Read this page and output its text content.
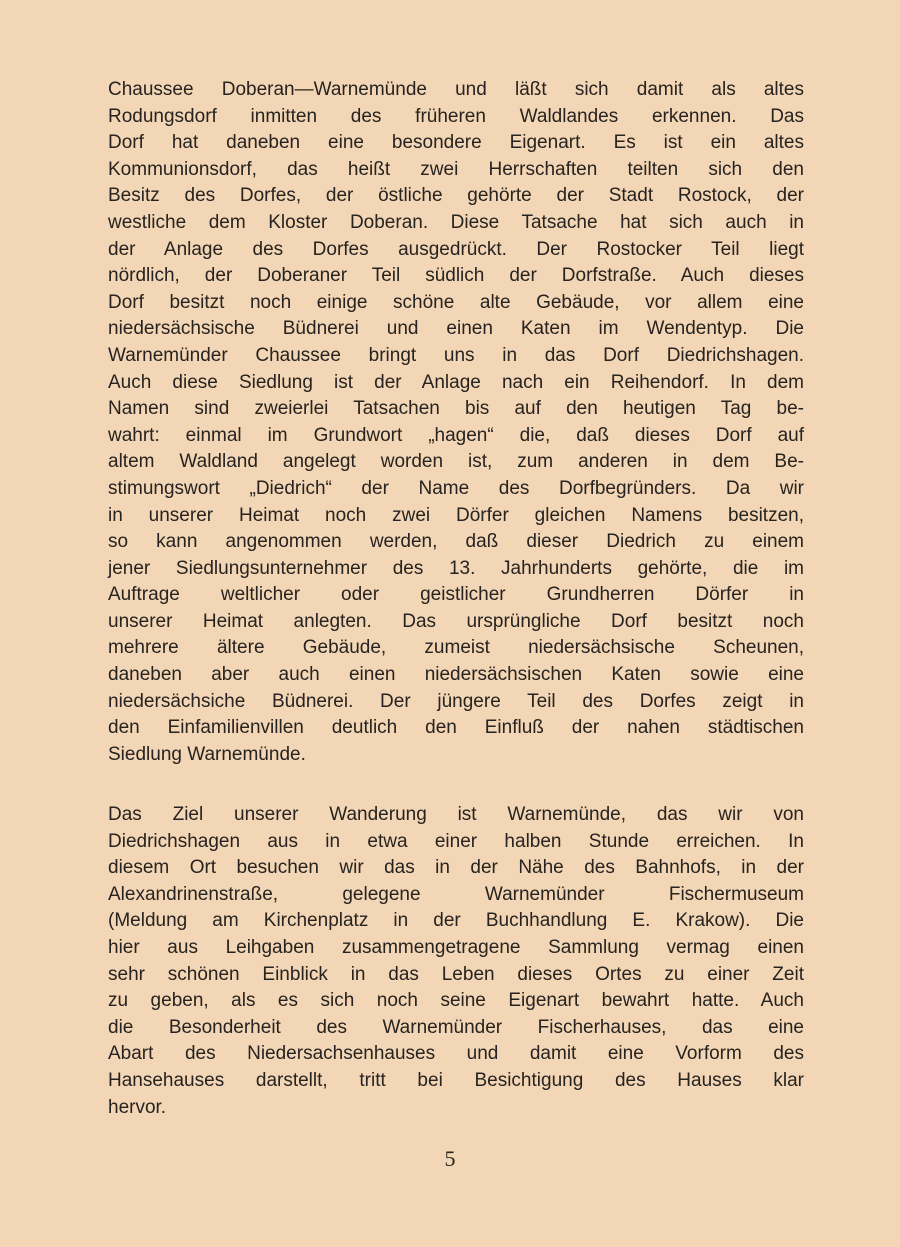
Chaussee Doberan—Warnemünde und läßt sich damit als altes
Rodungsdorf inmitten des früheren Waldlandes erkennen. Das
Dorf hat daneben eine besondere Eigenart. Es ist ein altes
Kommunionsdorf, das heißt zwei Herrschaften teilten sich den
Besitz des Dorfes, der östliche gehörte der Stadt Rostock, der
westliche dem Kloster Doberan. Diese Tatsache hat sich auch in
der Anlage des Dorfes ausgedrückt. Der Rostocker Teil liegt
nördlich, der Doberaner Teil südlich der Dorfstraße. Auch dieses
Dorf besitzt noch einige schöne alte Gebäude, vor allem eine
niedersächsische Büdnerei und einen Katen im Wendentyp. Die
Warnemünder Chaussee bringt uns in das Dorf Diedrichshagen.
Auch diese Siedlung ist der Anlage nach ein Reihendorf. In dem
Namen sind zweierlei Tatsachen bis auf den heutigen Tag be-
wahrt: einmal im Grundwort „hagen“ die, daß dieses Dorf auf
altem Waldland angelegt worden ist, zum anderen in dem Be-
stimungswort „Diedrich“ der Name des Dorfbegründers. Da wir
in unserer Heimat noch zwei Dörfer gleichen Namens besitzen,
so kann angenommen werden, daß dieser Diedrich zu einem
jener Siedlungsunternehmer des 13. Jahrhunderts gehörte, die im
Auftrage weltlicher oder geistlicher Grundherren Dörfer in
unserer Heimat anlegten. Das ursprüngliche Dorf besitzt noch
mehrere ältere Gebäude, zumeist niedersächsische Scheunen,
daneben aber auch einen niedersächsischen Katen sowie eine
niedersächsiche Büdnerei. Der jüngere Teil des Dorfes zeigt in
den Einfamilienvillen deutlich den Einfluß der nahen städtischen
Siedlung Warnemünde.
Das Ziel unserer Wanderung ist Warnemünde, das wir von
Diedrichshagen aus in etwa einer halben Stunde erreichen. In
diesem Ort besuchen wir das in der Nähe des Bahnhofs, in der
Alexandrinenstraße, gelegene Warnemünder Fischermuseum
(Meldung am Kirchenplatz in der Buchhandlung E. Krakow). Die
hier aus Leihgaben zusammengetragene Sammlung vermag einen
sehr schönen Einblick in das Leben dieses Ortes zu einer Zeit
zu geben, als es sich noch seine Eigenart bewahrt hatte. Auch
die Besonderheit des Warnemünder Fischerhauses, das eine
Abart des Niedersachsenhauses und damit eine Vorform des
Hansehauses darstellt, tritt bei Besichtigung des Hauses klar
hervor.
5
